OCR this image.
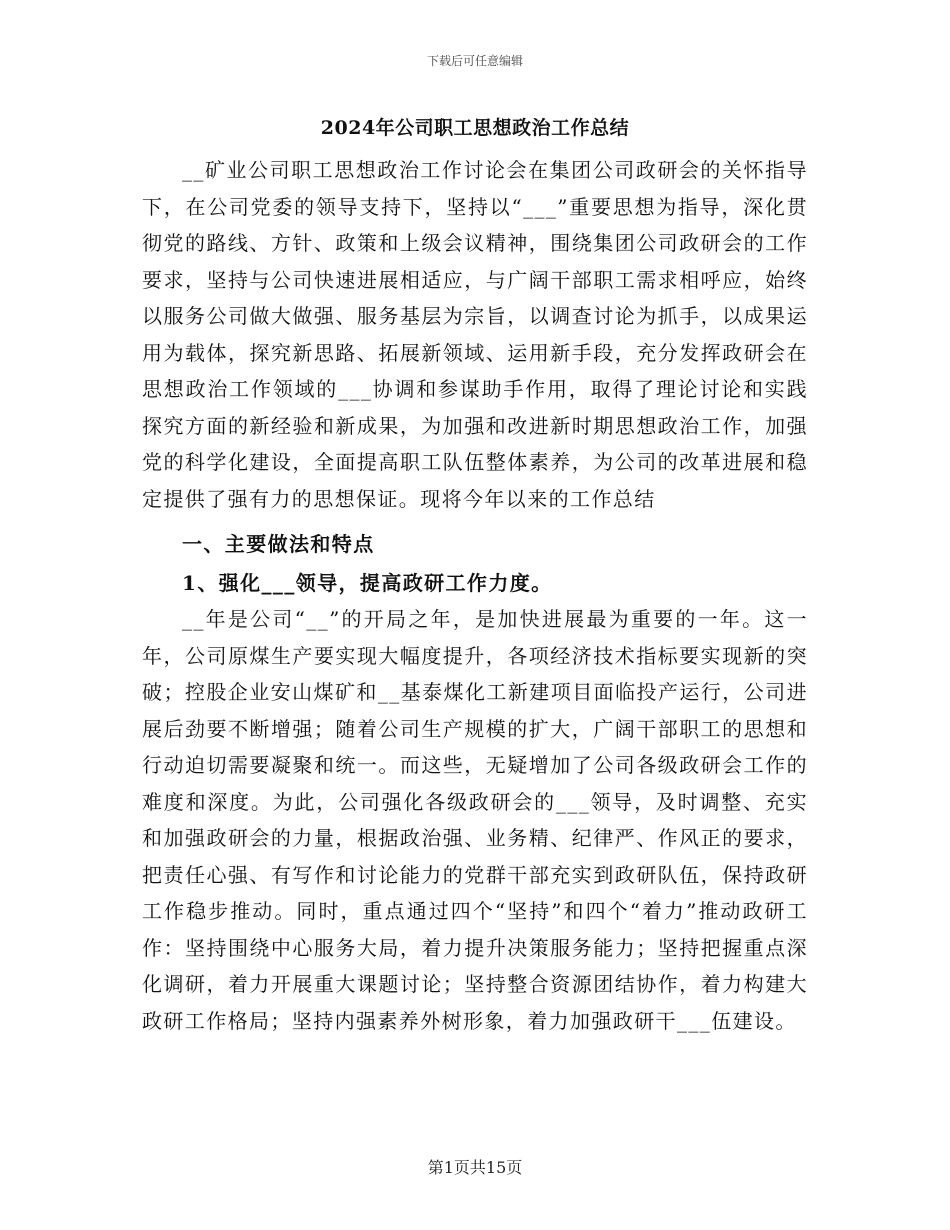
下载后可任意编辑
2024年公司职工思想政治工作总结

__矿业公司职工思想政治工作讨论会在集团公司政研会的关怀指导下，在公司党委的领导支持下，坚持以“___”重要思想为指导，深化贯彻党的路线、方针、政策和上级会议精神，围绕集团公司政研会的工作要求，坚持与公司快速进展相适应，与广阔干部职工需求相呼应，始终以服务公司做大做强、服务基层为宗旨，以调查讨论为抓手，以成果运用为载体，探究新思路、拓展新领域、运用新手段，充分发挥政研会在思想政治工作领域的___协调和参谋助手作用，取得了理论讨论和实践探究方面的新经验和新成果，为加强和改进新时期思想政治工作，加强党的科学化建设，全面提高职工队伍整体素养，为公司的改革进展和稳定提供了强有力的思想保证。现将今年以来的工作总结

一、主要做法和特点
1、强化___领导，提高政研工作力度。

__年是公司“__”的开局之年，是加快进展最为重要的一年。这一年，公司原煤生产要实现大幅度提升，各项经济技术指标要实现新的突破；控股企业安山煤矿和__基泰煤化工新建项目面临投产运行，公司进展后劲要不断增强；随着公司生产规模的扩大，广阔干部职工的思想和行动迫切需要凝聚和统一。而这些，无疑增加了公司各级政研会工作的难度和深度。为此，公司强化各级政研会的___领导，及时调整、充实和加强政研会的力量，根据政治强、业务精、纪律严、作风正的要求，把责任心强、有写作和讨论能力的党群干部充实到政研队伍，保持政研工作稳步推动。同时，重点通过四个“坚持”和四个“着力”推动政研工作：坚持围绕中心服务大局，着力提升决策服务能力；坚持把握重点深化调研，着力开展重大课题讨论；坚持整合资源团结协作，着力构建大政研工作格局；坚持内强素养外树形象，着力加强政研干___伍建设。

第1页共15页
